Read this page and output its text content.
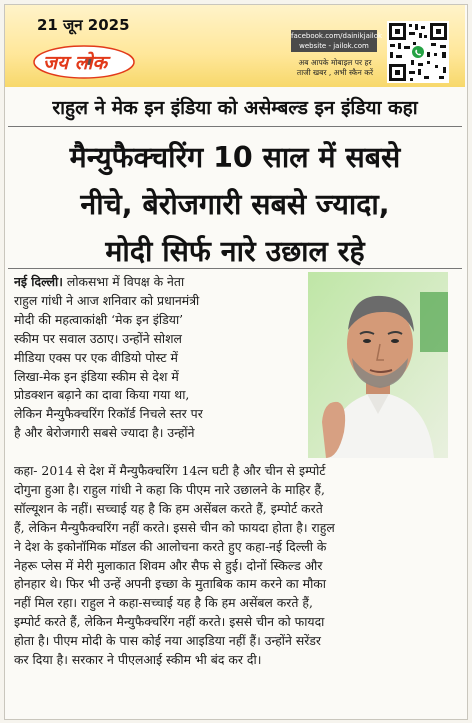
21 जून 2025
जय लोक
facebook.com/dainikjailok
website - jailok.com
अब आपके मोबाइल पर हर
ताजी खबर , अभी स्कैन करें
राहुल ने मेक इन इंडिया को असेम्बल्ड इन इंडिया कहा
मैन्युफैक्चरिंग 10 साल में सबसे
नीचे, बेरोजगारी सबसे ज्यादा,
मोदी सिर्फ नारे उछाल रहे
नई दिल्ली। लोकसभा में विपक्ष के नेता
राहुल गांधी ने आज शनिवार को प्रधानमंत्री
मोदी की महत्वाकांक्षी ‘मेक इन इंडिया’
स्कीम पर सवाल उठाए। उन्होंने सोशल
मीडिया एक्स पर एक वीडियो पोस्ट में
लिखा-मेक इन इंडिया स्कीम से देश में
प्रोडक्शन बढ़ाने का दावा किया गया था,
लेकिन मैन्युफैक्चरिंग रिकॉर्ड निचले स्तर पर
है और बेरोजगारी सबसे ज्यादा है। उन्होंने
कहा- 2014 से देश में मैन्युफैक्चरिंग 14त्न घटी है और चीन से इम्पोर्ट
दोगुना हुआ है। राहुल गांधी ने कहा कि पीएम नारे उछालने के माहिर हैं,
सॉल्यूशन के नहीं। सच्चाई यह है कि हम असेंबल करते हैं, इम्पोर्ट करते
हैं, लेकिन मैन्युफैक्चरिंग नहीं करते। इससे चीन को फायदा होता है। राहुल
ने देश के इकोनॉमिक मॉडल की आलोचना करते हुए कहा-नई दिल्ली के
नेहरू प्लेस में मेरी मुलाकात शिवम और सैफ से हुई। दोनों स्किल्ड और
होनहार थे। फिर भी उन्हें अपनी इच्छा के मुताबिक काम करने का मौका
नहीं मिल रहा। राहुल ने कहा-सच्चाई यह है कि हम असेंबल करते हैं,
इम्पोर्ट करते हैं, लेकिन मैन्युफैक्चरिंग नहीं करते। इससे चीन को फायदा
होता है। पीएम मोदी के पास कोई नया आइडिया नहीं हैं। उन्होंने सरेंडर
कर दिया है। सरकार ने पीएलआई स्कीम भी बंद कर दी।
